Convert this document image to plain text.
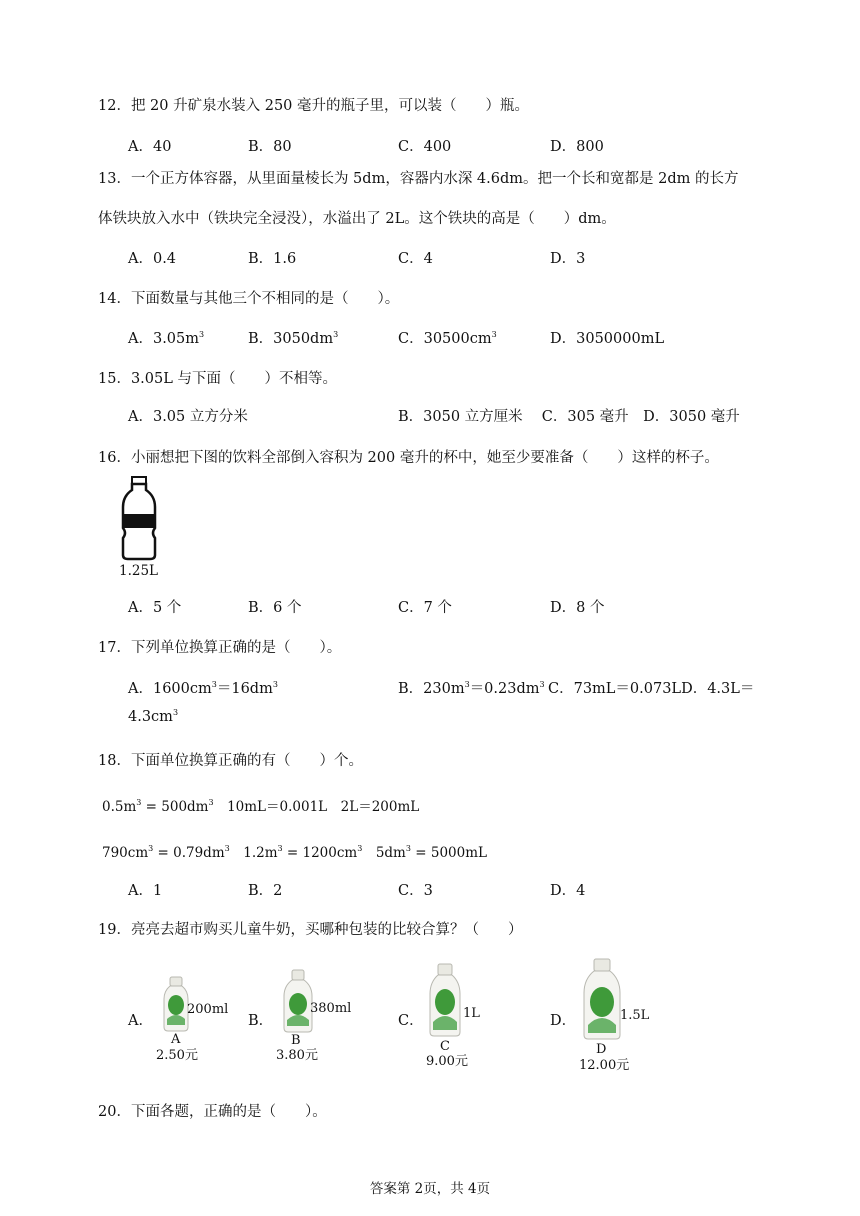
12．把 20 升矿泉水装入 250 毫升的瓶子里，可以装（　　）瓶。
A．40	B．80	C．400	D．800
13．一个正方体容器，从里面量棱长为 5dm，容器内水深 4.6dm。把一个长和宽都是 2dm 的长方
体铁块放入水中（铁块完全浸没），水溢出了 2L。这个铁块的高是（　　）dm。
A．0.4	B．1.6	C．4	D．3
14．下面数量与其他三个不相同的是（　　）。
A．$3.05m^3$	B．$3050dm^3$	C．$30500cm^3$	D．3050000mL
15．3.05L 与下面（　　）不相等。
A．3.05 立方分米	B．3050 立方厘米　 C．305 毫升　D．3050 毫升
16．小丽想把下图的饮料全部倒入容积为 200 毫升的杯中，她至少要准备（　　）这样的杯子。
1.25L
A．5 个	B．6 个	C．7 个	D．8 个
17．下列单位换算正确的是（　　）。
A．$1600cm^3=16dm^3$	B．$230m^3=0.23dm^3$ C．73mL＝0.073LD．4.3L＝
$4.3cm^3$
18．下面单位换算正确的有（　　）个。
$0.5m^3 = 500dm^3$　10mL＝0.001L　2L＝200mL
$790cm^3 = 0.79dm^3$　$1.2m^3 = 1200cm^3$　$5dm^3 = 5000mL$
A．1	B．2	C．3	D．4
19．亮亮去超市购买儿童牛奶，买哪种包装的比较合算？（　　）
A．
200ml
A
2.50元
B．
380ml
B
3.80元
C．	1L
C
9.00元
D．	1.5L
D
12.00元
20．下面各题，正确的是（　　）。
答案第 2页，共 4页
